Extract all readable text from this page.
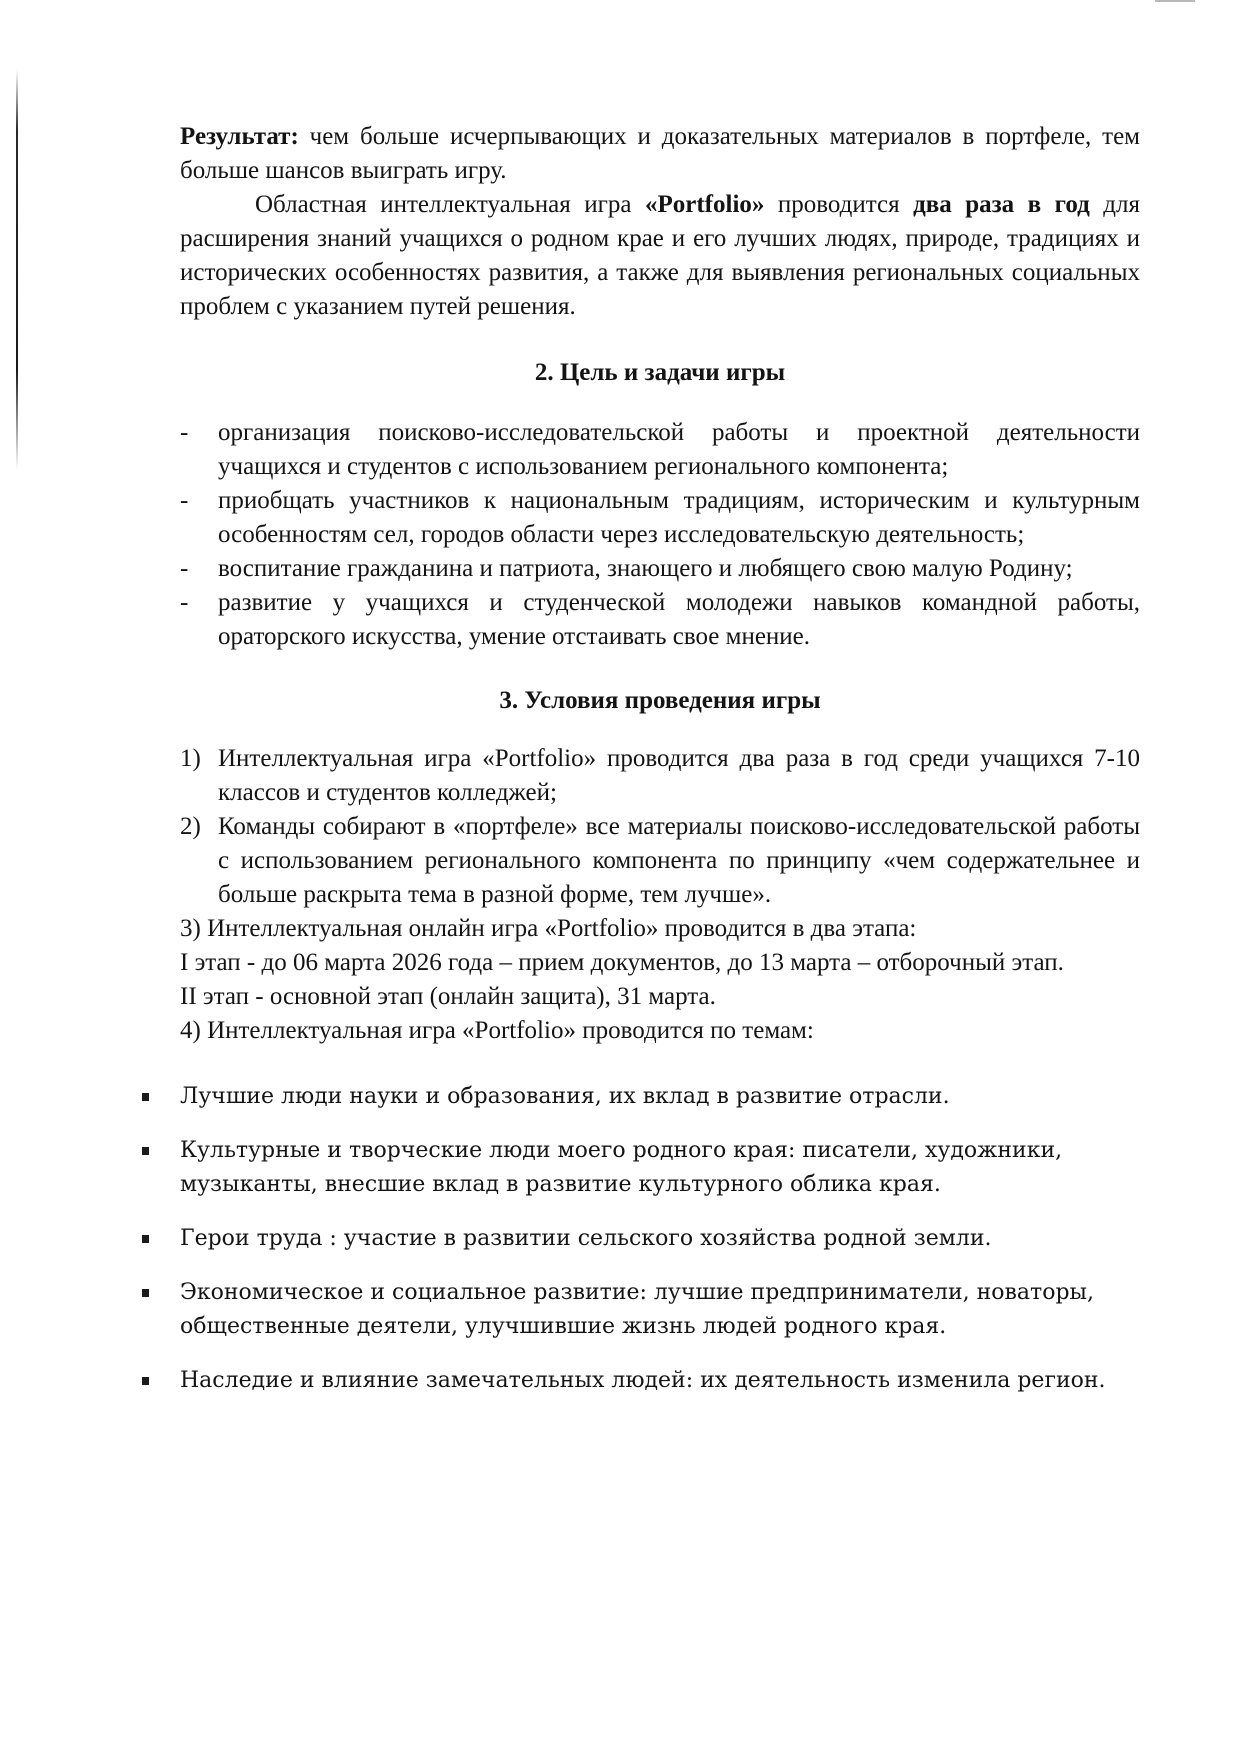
Результат: чем больше исчерпывающих и доказательных материалов в портфеле, тем больше шансов выиграть игру.

Областная интеллектуальная игра «Portfolio» проводится два раза в год для расширения знаний учащихся о родном крае и его лучших людях, природе, традициях и исторических особенностях развития, а также для выявления региональных социальных проблем с указанием путей решения.

2. Цель и задачи игры
- организация поисково-исследовательской работы и проектной деятельности учащихся и студентов с использованием регионального компонента;
- приобщать участников к национальным традициям, историческим и культурным особенностям сел, городов области через исследовательскую деятельность;
- воспитание гражданина и патриота, знающего и любящего свою малую Родину;
- развитие у учащихся и студенческой молодежи навыков командной работы, ораторского искусства, умение отстаивать свое мнение.
3. Условия проведения игры
1) Интеллектуальная игра «Portfolio» проводится два раза в год среди учащихся 7-10 классов и студентов колледжей;
2) Команды собирают в «портфеле» все материалы поисково-исследовательской работы с использованием регионального компонента по принципу «чем содержательнее и больше раскрыта тема в разной форме, тем лучше».

3) Интеллектуальная онлайн игра «Portfolio» проводится в два этапа:

I этап - до 06 марта 2026 года – прием документов, до 13 марта – отборочный этап.

II этап - основной этап (онлайн защита), 31 марта.

4) Интеллектуальная игра «Portfolio» проводится по темам:

Лучшие люди науки и образования, их вклад в развитие отрасли.
Культурные и творческие люди моего родного края: писатели, художники, музыканты, внесшие вклад в развитие культурного облика края.
Герои труда : участие в развитии сельского хозяйства родной земли.
Экономическое и социальное развитие: лучшие предприниматели, новаторы, общественные деятели, улучшившие жизнь людей родного края.
Наследие и влияние замечательных людей: их деятельность изменила регион.
